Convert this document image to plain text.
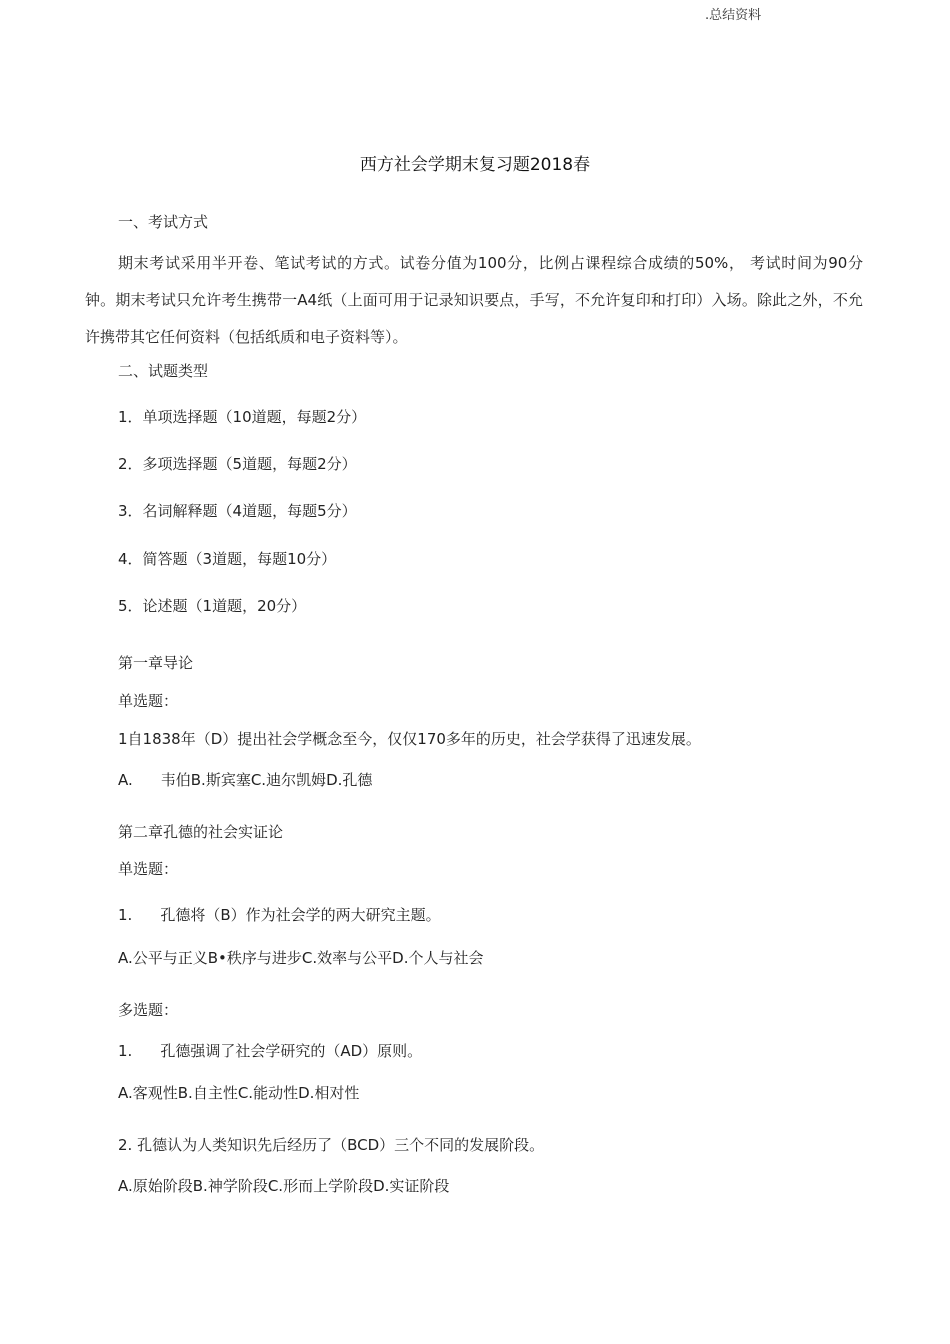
.总结资料
西方社会学期末复习题2018春
一、考试方式
期末考试采用半开卷、笔试考试的方式。试卷分值为100分，比例占课程综合成绩的50%， 考试时间为90分钟。期末考试只允许考生携带一A4纸（上面可用于记录知识要点，手写，不允许复印和打印）入场。除此之外，不允许携带其它任何资料（包括纸质和电子资料等）。
二、试题类型
1．单项选择题（10道题，每题2分）
2．多项选择题（5道题，每题2分）
3．名词解释题（4道题，每题5分）
4．简答题（3道题，每题10分）
5．论述题（1道题，20分）
第一章导论
单选题：
1自1838年（D）提出社会学概念至今，仅仅170多年的历史，社会学获得了迅速发展。
A. 韦伯B.斯宾塞C.迪尔凯姆D.孔德
第二章孔德的社会实证论
单选题：
1. 孔德将（B）作为社会学的两大研究主题。
A.公平与正义B•秩序与进步C.效率与公平D.个人与社会
多选题：
1. 孔德强调了社会学研究的（AD）原则。
A.客观性B.自主性C.能动性D.相对性
2. 孔德认为人类知识先后经历了（BCD）三个不同的发展阶段。
A.原始阶段B.神学阶段C.形而上学阶段D.实证阶段
